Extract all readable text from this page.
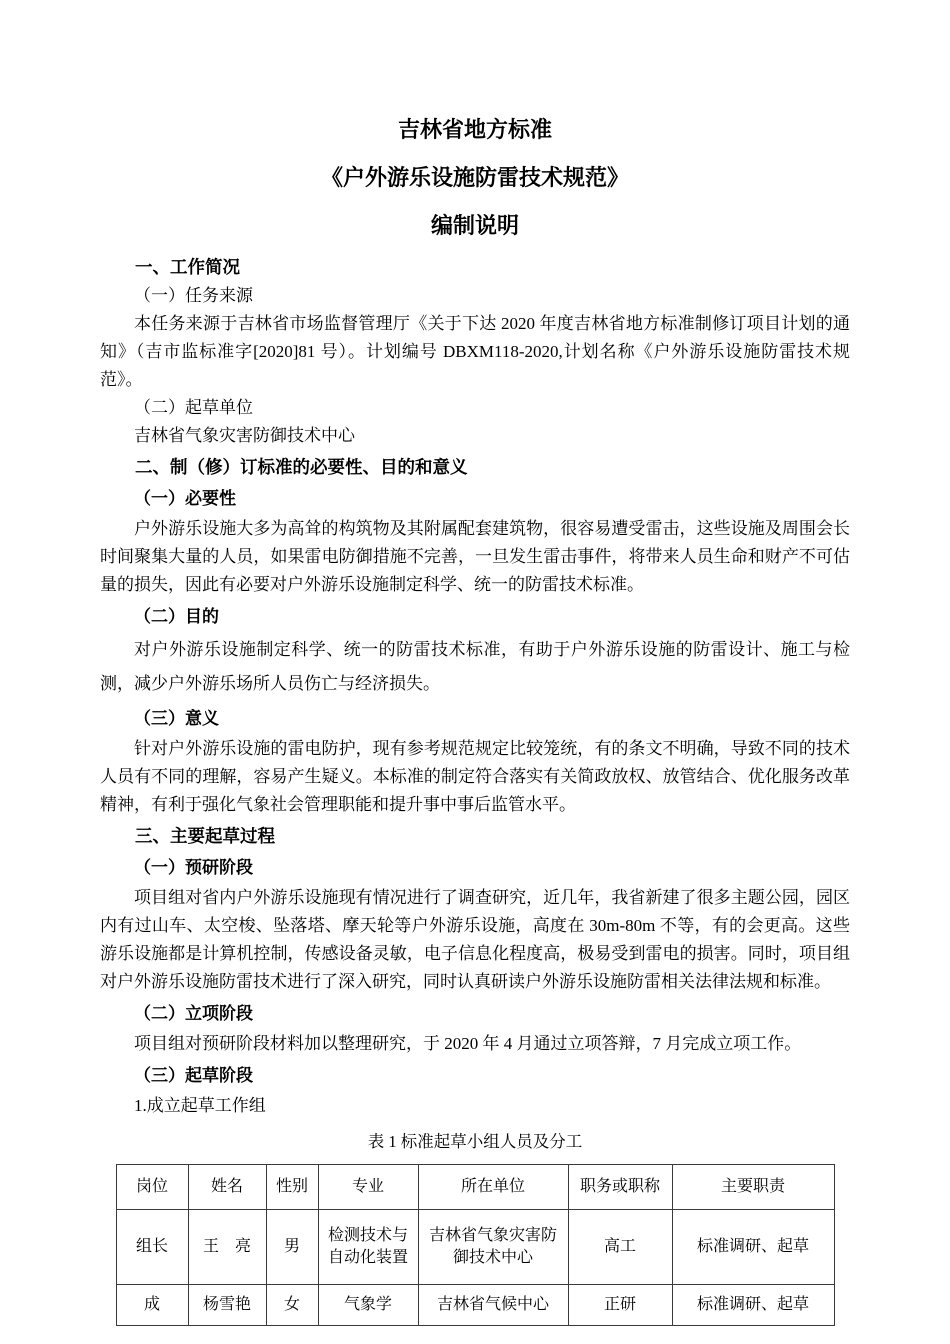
吉林省地方标准

《户外游乐设施防雷技术规范》

编制说明

一、工作简况

（一）任务来源

本任务来源于吉林省市场监督管理厅《关于下达 2020 年度吉林省地方标准制修订项目计划的通知》（吉市监标准字[2020]81 号）。计划编号 DBXM118-2020,计划名称《户外游乐设施防雷技术规范》。

（二）起草单位

吉林省气象灾害防御技术中心

二、制（修）订标准的必要性、目的和意义

（一）必要性

户外游乐设施大多为高耸的构筑物及其附属配套建筑物，很容易遭受雷击，这些设施及周围会长时间聚集大量的人员，如果雷电防御措施不完善，一旦发生雷击事件，将带来人员生命和财产不可估量的损失，因此有必要对户外游乐设施制定科学、统一的防雷技术标准。

（二）目的

对户外游乐设施制定科学、统一的防雷技术标准，有助于户外游乐设施的防雷设计、施工与检测，减少户外游乐场所人员伤亡与经济损失。

（三）意义

针对户外游乐设施的雷电防护，现有参考规范规定比较笼统，有的条文不明确，导致不同的技术人员有不同的理解，容易产生疑义。本标准的制定符合落实有关简政放权、放管结合、优化服务改革精神，有利于强化气象社会管理职能和提升事中事后监管水平。

三、主要起草过程

（一）预研阶段

项目组对省内户外游乐设施现有情况进行了调查研究，近几年，我省新建了很多主题公园，园区内有过山车、太空梭、坠落塔、摩天轮等户外游乐设施，高度在 30m-80m 不等，有的会更高。这些游乐设施都是计算机控制，传感设备灵敏，电子信息化程度高，极易受到雷电的损害。同时，项目组对户外游乐设施防雷技术进行了深入研究，同时认真研读户外游乐设施防雷相关法律法规和标准。

（二）立项阶段

项目组对预研阶段材料加以整理研究，于 2020 年 4 月通过立项答辩，7 月完成立项工作。

（三）起草阶段

1.成立起草工作组

表 1 标准起草小组人员及分工

岗位	姓名	性别	专业	所在单位	职务或职称	主要职责
组长	王　亮	男	检测技术与自动化装置	吉林省气象灾害防御技术中心	高工	标准调研、起草
成	杨雪艳	女	气象学	吉林省气候中心	正研	标准调研、起草
